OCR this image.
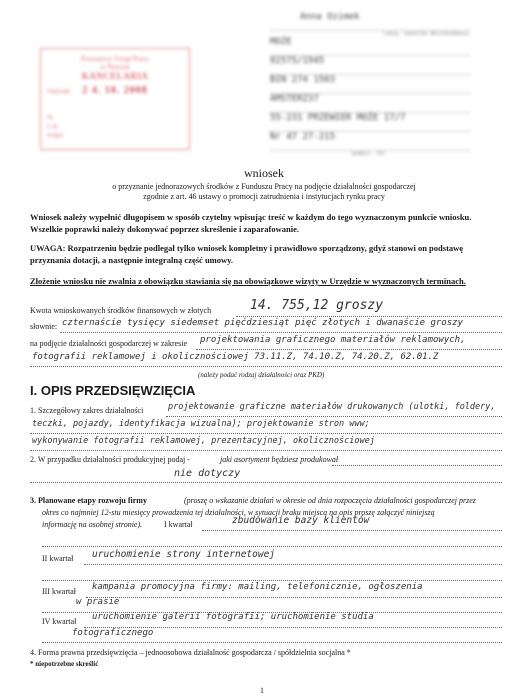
Powiatowy Urząd Pracy
w Nowym
KANCELARIA
Wpłynęło	2 4. 10. 2008
Nr
L.dz.
Podpis
Anna Ozimek
(imię, nazwisko Wnioskodawcy)
MOŻE
02575/1945
BIN 274 1503
AMSTERZ37
55-231 PRZEWIER MOŻE 17/7
Nr 47 27-215
podpis, tel.
wniosek
o przyznanie jednorazowych środków z Funduszu Pracy na podjęcie działalności gospodarczej
zgodnie z art. 46 ustawy o promocji zatrudnienia i instytucjach rynku pracy
Wniosek należy wypełnić długopisem w sposób czytelny wpisując treść w każdym do tego wyznaczonym punkcie wniosku. Wszelkie poprawki należy dokonywać poprzez skreślenie i zaparafowanie.
UWAGA: Rozpatrzeniu będzie podlegał tylko wniosek kompletny i prawidłowo sporządzony, gdyż stanowi on podstawę przyznania dotacji, a następnie integralną część umowy.
Złożenie wniosku nie zwalnia z obowiązku stawiania się na obowiązkowe wizyty w Urzędzie w wyznaczonych terminach.
Kwota wnioskowanych środków finansowych w złotych	14. 755,12 groszy
słownie: czternaście tysięcy siedemset pięćdziesiąt pięć złotych i dwanaście groszy
na podjęcie działalności gospodarczej w zakresie projektowania graficznego materiałów reklamowych,
fotografii reklamowej i okolicznościowej 73.11.Z, 74.10.Z, 74.20.Z, 62.01.Z
(należy podać rodzaj działalności oraz PKD)
I. OPIS PRZEDSIĘWZIĘCIA
1. Szczegółowy zakres działalności	projektowanie graficzne materiałów drukowanych (ulotki, foldery,
teczki, pojazdy, identyfikacja wizualna); projektowanie stron www;
wykonywanie fotografii reklamowej, prezentacyjnej, okolicznościowej
2. W przypadku działalności produkcyjnej podaj -	jaki asortyment będziesz produkował
nie dotyczy
3. Planowane etapy rozwoju firmy	(proszę o wskazanie działań w okresie od dnia rozpoczęcia działalności gospodarczej przez
okres co najmniej 12-stu miesięcy prowadzenia tej działalności, w sytuacji braku miejsca na opis proszę załączyć niniejszą
informację na osobnej stronie).	I kwartał	zbudowanie bazy klientów
II kwartał uruchomienie strony internetowej
III kwartał kampania promocyjna firmy: mailing, telefonicznie, ogłoszenia
w prasie
IV kwartał uruchomienie galerii fotografii; uruchomienie studia
fotograficznego
4. Forma prawna przedsięwzięcia – jednoosobowa działalność gospodarcza / spółdzielnia socjalna *
* niepotrzebne skreślić
1
